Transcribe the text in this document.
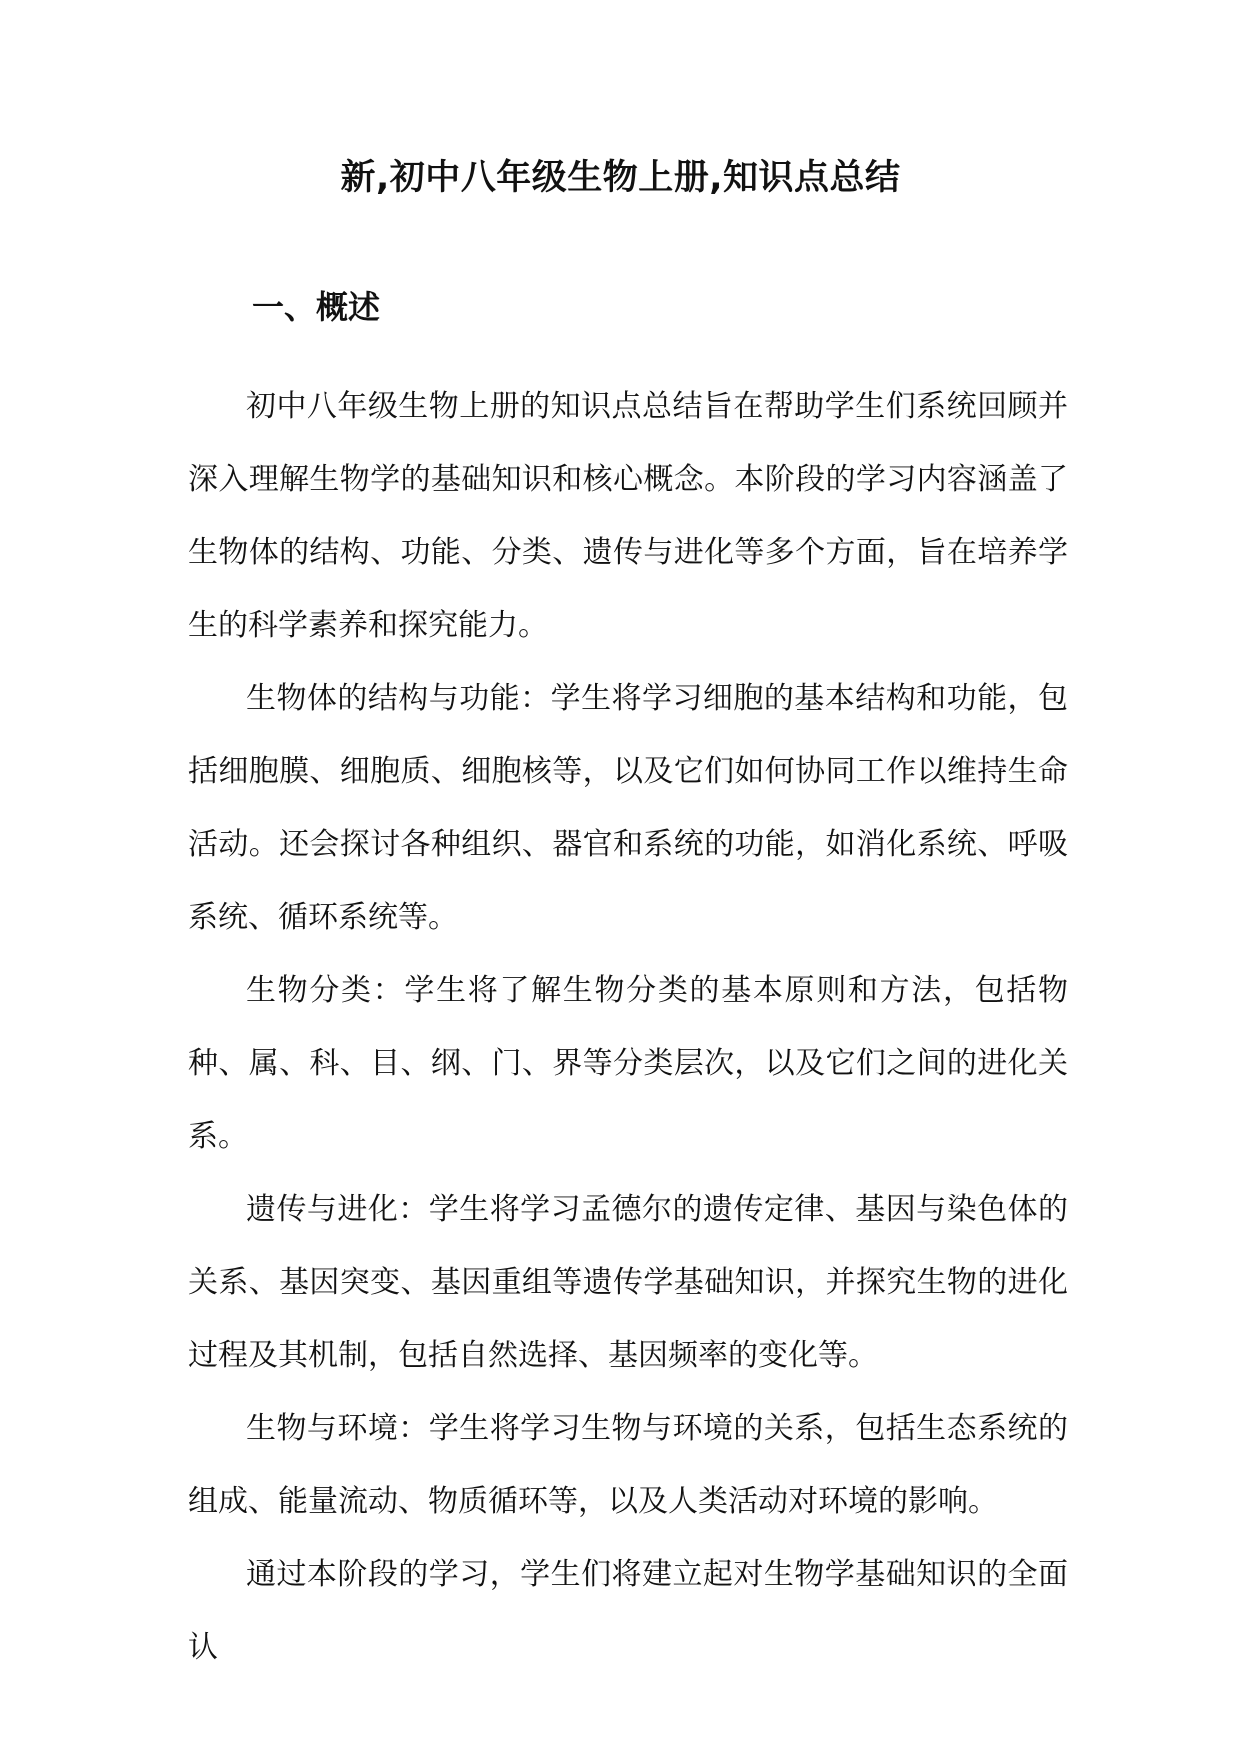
新,初中八年级生物上册,知识点总结
一、概述

初中八年级生物上册的知识点总结旨在帮助学生们系统回顾并深入理解生物学的基础知识和核心概念。本阶段的学习内容涵盖了生物体的结构、功能、分类、遗传与进化等多个方面，旨在培养学生的科学素养和探究能力。

生物体的结构与功能：学生将学习细胞的基本结构和功能，包括细胞膜、细胞质、细胞核等，以及它们如何协同工作以维持生命活动。还会探讨各种组织、器官和系统的功能，如消化系统、呼吸系统、循环系统等。

生物分类：学生将了解生物分类的基本原则和方法，包括物种、属、科、目、纲、门、界等分类层次，以及它们之间的进化关系。

遗传与进化：学生将学习孟德尔的遗传定律、基因与染色体的关系、基因突变、基因重组等遗传学基础知识，并探究生物的进化过程及其机制，包括自然选择、基因频率的变化等。

生物与环境：学生将学习生物与环境的关系，包括生态系统的组成、能量流动、物质循环等，以及人类活动对环境的影响。

通过本阶段的学习，学生们将建立起对生物学基础知识的全面认
